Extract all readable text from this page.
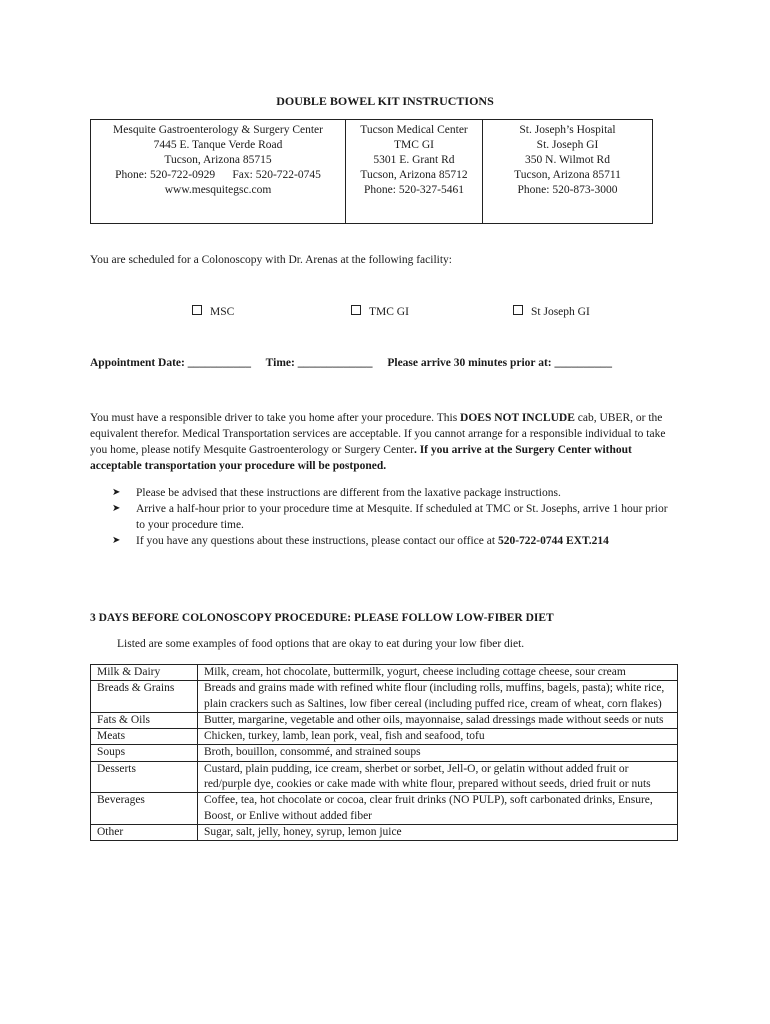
DOUBLE BOWEL KIT INSTRUCTIONS
Mesquite Gastroenterology & Surgery Center
7445 E. Tanque Verde Road
Tucson, Arizona 85715
Phone: 520-722-0929      Fax: 520-722-0745
www.mesquitegsc.com

Tucson Medical Center
TMC GI
5301 E. Grant Rd
Tucson, Arizona 85712
Phone: 520-327-5461

St. Joseph’s Hospital
St. Joseph GI
350 N. Wilmot Rd
Tucson, Arizona 85711
Phone: 520-873-3000
You are scheduled for a Colonoscopy with Dr. Arenas at the following facility:
MSC	TMC GI	St Joseph GI
Appointment Date: ___________ Time: _____________ Please arrive 30 minutes prior at: __________
You must have a responsible driver to take you home after your procedure. This DOES NOT INCLUDE cab, UBER, or the equivalent therefor. Medical Transportation services are acceptable. If you cannot arrange for a responsible individual to take you home, please notify Mesquite Gastroenterology or Surgery Center. If you arrive at the Surgery Center without acceptable transportation your procedure will be postponed.
➤ Please be advised that these instructions are different from the laxative package instructions.
➤ Arrive a half-hour prior to your procedure time at Mesquite. If scheduled at TMC or St. Josephs, arrive 1 hour prior to your procedure time.
➤ If you have any questions about these instructions, please contact our office at 520-722-0744 EXT.214
3 DAYS BEFORE COLONOSCOPY PROCEDURE: PLEASE FOLLOW LOW-FIBER DIET
Listed are some examples of food options that are okay to eat during your low fiber diet.
Milk & Dairy	Milk, cream, hot chocolate, buttermilk, yogurt, cheese including cottage cheese, sour cream
Breads & Grains	Breads and grains made with refined white flour (including rolls, muffins, bagels, pasta); white rice, plain crackers such as Saltines, low fiber cereal (including puffed rice, cream of wheat, corn flakes)
Fats & Oils	Butter, margarine, vegetable and other oils, mayonnaise, salad dressings made without seeds or nuts
Meats	Chicken, turkey, lamb, lean pork, veal, fish and seafood, tofu
Soups	Broth, bouillon, consommé, and strained soups
Desserts	Custard, plain pudding, ice cream, sherbet or sorbet, Jell-O, or gelatin without added fruit or red/purple dye, cookies or cake made with white flour, prepared without seeds, dried fruit or nuts
Beverages	Coffee, tea, hot chocolate or cocoa, clear fruit drinks (NO PULP), soft carbonated drinks, Ensure, Boost, or Enlive without added fiber
Other	Sugar, salt, jelly, honey, syrup, lemon juice
